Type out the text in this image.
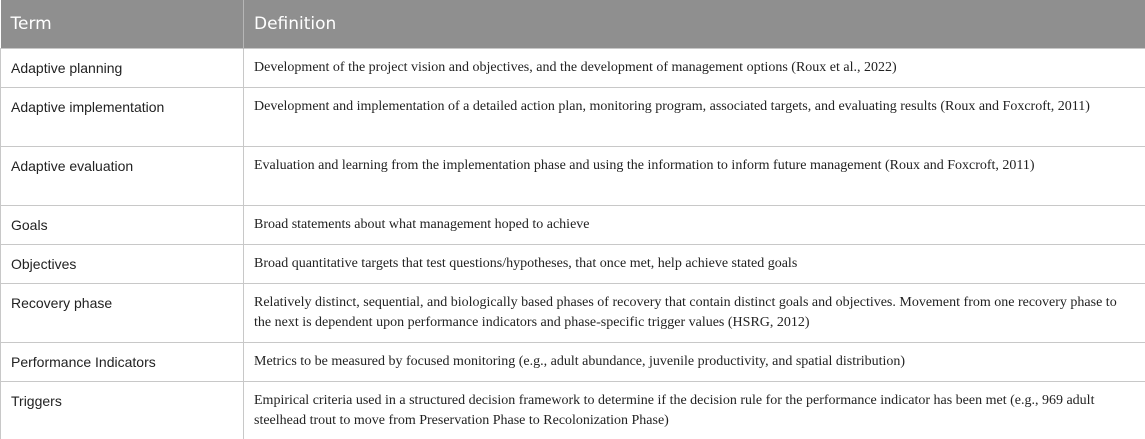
Term	Definition
Adaptive planning	Development of the project vision and objectives, and the development of management options (Roux et al., 2022)
Adaptive implementation	Development and implementation of a detailed action plan, monitoring program, associated targets, and evaluating results (Roux and Foxcroft, 2011)
Adaptive evaluation	Evaluation and learning from the implementation phase and using the information to inform future management (Roux and Foxcroft, 2011)
Goals	Broad statements about what management hoped to achieve
Objectives	Broad quantitative targets that test questions/hypotheses, that once met, help achieve stated goals
Recovery phase	Relatively distinct, sequential, and biologically based phases of recovery that contain distinct goals and objectives. Movement from one recovery phase to the next is dependent upon performance indicators and phase-specific trigger values (HSRG, 2012)
Performance Indicators	Metrics to be measured by focused monitoring (e.g., adult abundance, juvenile productivity, and spatial distribution)
Triggers	Empirical criteria used in a structured decision framework to determine if the decision rule for the performance indicator has been met (e.g., 969 adult steelhead trout to move from Preservation Phase to Recolonization Phase)
